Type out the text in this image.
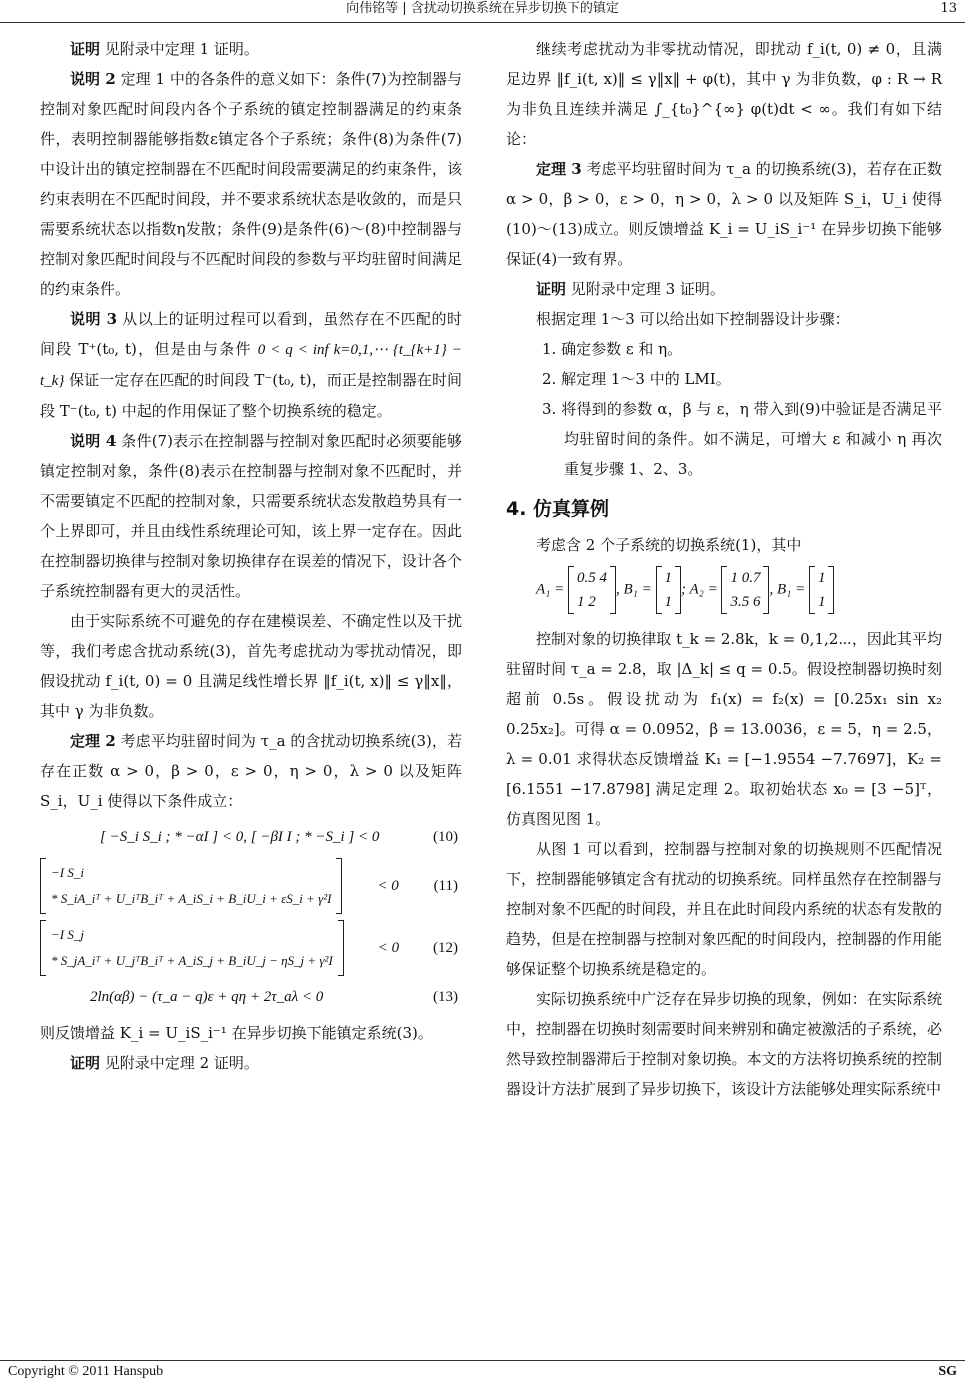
向伟铭等 | 含扰动切换系统在异步切换下的镇定	13

证明 见附录中定理 1 证明。

说明 2 定理 1 中的各条件的意义如下：条件(7)为控制器与控制对象匹配时间段内各个子系统的镇定控制器满足的约束条件，表明控制器能够指数ε镇定各个子系统；条件(8)为条件(7)中设计出的镇定控制器在不匹配时间段需要满足的约束条件，该约束表明在不匹配时间段，并不要求系统状态是收敛的，而是只需要系统状态以指数η发散；条件(9)是条件(6)～(8)中控制器与控制对象匹配时间段与不匹配时间段的参数与平均驻留时间满足的约束条件。

说明 3 从以上的证明过程可以看到，虽然存在不匹配的时间段 T⁺(t₀, t)，但是由与条件 0 < q < inf k=0,1,⋯ {t_{k+1} − t_k} 保证一定存在匹配的时间段 T⁻(t₀, t)，而正是控制器在时间段 T⁻(t₀, t) 中起的作用保证了整个切换系统的稳定。

说明 4 条件(7)表示在控制器与控制对象匹配时必须要能够镇定控制对象，条件(8)表示在控制器与控制对象不匹配时，并不需要镇定不匹配的控制对象，只需要系统状态发散趋势具有一个上界即可，并且由线性系统理论可知，该上界一定存在。因此在控制器切换律与控制对象切换律存在误差的情况下，设计各个子系统控制器有更大的灵活性。

由于实际系统不可避免的存在建模误差、不确定性以及干扰等，我们考虑含扰动系统(3)，首先考虑扰动为零扰动情况，即假设扰动 f_i(t, 0) = 0 且满足线性增长界 ‖f_i(t, x)‖ ≤ γ‖x‖，其中 γ 为非负数。

定理 2 考虑平均驻留时间为 τ_a 的含扰动切换系统(3)，若存在正数 α > 0，β > 0，ε > 0，η > 0，λ > 0 以及矩阵 S_i，U_i 使得以下条件成立：

[ −S_i S_i ; * −αI ] < 0, [ −βI I ; * −S_i ] < 0	(10)
−I S_i
* S_iA_iᵀ + U_iᵀB_iᵀ + A_iS_i + B_iU_i + εS_i + γ²I
< 0 (11)
−I S_j
* S_jA_iᵀ + U_jᵀB_iᵀ + A_iS_j + B_iU_j − ηS_j + γ²I
< 0 (12)
2ln(αβ) − (τ_a − q)ε + qη + 2τ_aλ < 0	(13)

则反馈增益 K_i = U_iS_i⁻¹ 在异步切换下能镇定系统(3)。

证明 见附录中定理 2 证明。

继续考虑扰动为非零扰动情况，即扰动 f_i(t, 0) ≠ 0，且满足边界 ‖f_i(t, x)‖ ≤ γ‖x‖ + φ(t)，其中 γ 为非负数，φ : R → R 为非负且连续并满足 ∫_{t₀}^{∞} φ(t)dt < ∞。我们有如下结论：

定理 3 考虑平均驻留时间为 τ_a 的切换系统(3)，若存在正数 α > 0，β > 0，ε > 0，η > 0，λ > 0 以及矩阵 S_i，U_i 使得(10)～(13)成立。则反馈增益 K_i = U_iS_i⁻¹ 在异步切换下能够保证(4)一致有界。

证明 见附录中定理 3 证明。

根据定理 1～3 可以给出如下控制器设计步骤：

1. 确定参数 ε 和 η。
2. 解定理 1～3 中的 LMI。
3. 将得到的参数 α，β 与 ε，η 带入到(9)中验证是否满足平均驻留时间的条件。如不满足，可增大 ε 和减小 η 再次重复步骤 1、2、3。
4. 仿真算例

考虑含 2 个子系统的切换系统(1)，其中

A₁ =
0.5 4
1 2
, B₁ =
1
1
; A₂ =
1 0.7
3.5 6
, B₁ =
1
1

控制对象的切换律取 t_k = 2.8k，k = 0,1,2⋯，因此其平均驻留时间 τ_a = 2.8，取 |Δ_k| ≤ q = 0.5。假设控制器切换时刻超前 0.5s。假设扰动为 f₁(x) = f₂(x) = [0.25x₁ sin x₂ 0.25x₂]。可得 α = 0.0952，β = 13.0036，ε = 5，η = 2.5，λ = 0.01 求得状态反馈增益 K₁ = [−1.9554 −7.7697]，K₂ = [6.1551 −17.8798] 满足定理 2。取初始状态 x₀ = [3 −5]ᵀ，仿真图见图 1。

从图 1 可以看到，控制器与控制对象的切换规则不匹配情况下，控制器能够镇定含有扰动的切换系统。同样虽然存在控制器与控制对象不匹配的时间段，并且在此时间段内系统的状态有发散的趋势，但是在控制器与控制对象匹配的时间段内，控制器的作用能够保证整个切换系统是稳定的。

实际切换系统中广泛存在异步切换的现象，例如：在实际系统中，控制器在切换时刻需要时间来辨别和确定被激活的子系统，必然导致控制器滞后于控制对象切换。本文的方法将切换系统的控制器设计方法扩展到了异步切换下，该设计方法能够处理实际系统中

Copyright © 2011 Hanspub	SG
